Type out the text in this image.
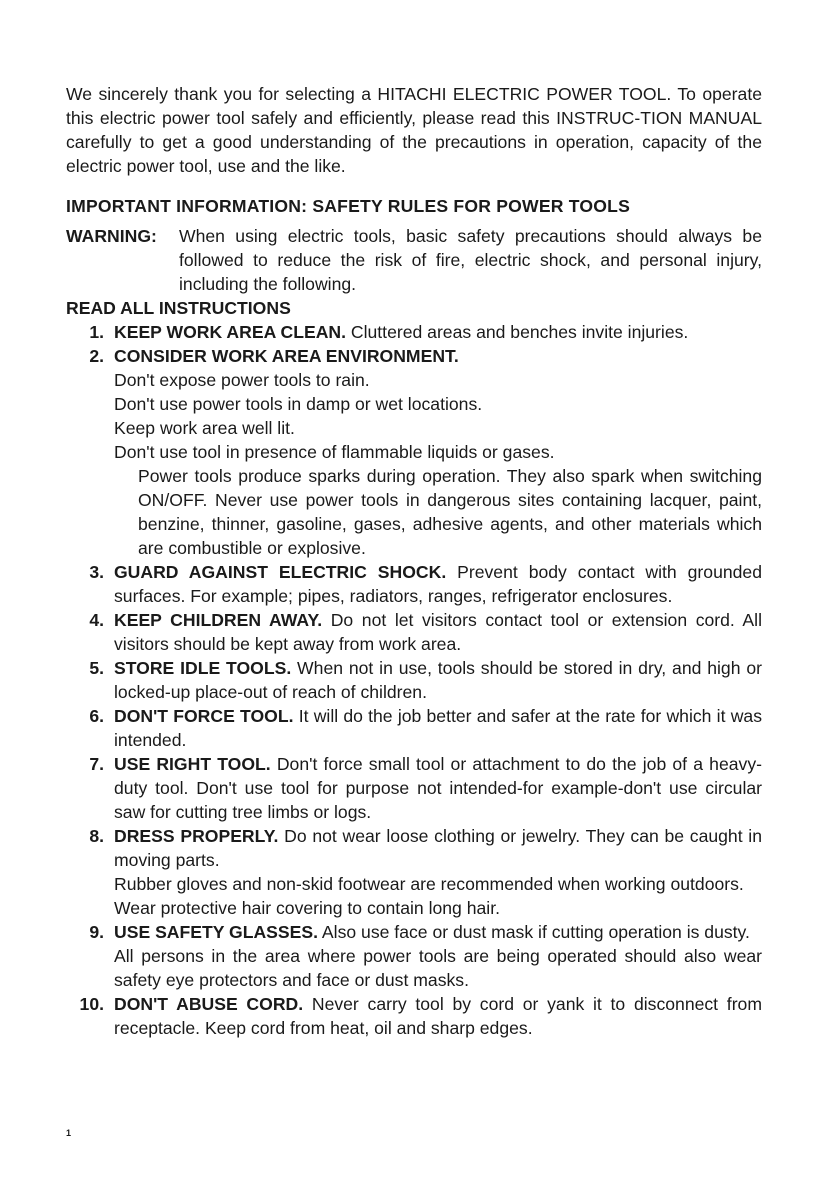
We sincerely thank you for selecting a HITACHI ELECTRIC POWER TOOL. To operate this electric power tool safely and efficiently, please read this INSTRUC-TION MANUAL carefully to get a good understanding of the precautions in operation, capacity of the electric power tool, use and the like.

IMPORTANT INFORMATION: SAFETY RULES FOR POWER TOOLS

WARNING:	When using electric tools, basic safety precautions should always be followed to reduce the risk of fire, electric shock, and personal injury, including the following.

READ ALL INSTRUCTIONS

1. KEEP WORK AREA CLEAN. Cluttered areas and benches invite injuries.

2. CONSIDER WORK AREA ENVIRONMENT.

Don't expose power tools to rain.

Don't use power tools in damp or wet locations.

Keep work area well lit.

Don't use tool in presence of flammable liquids or gases.

Power tools produce sparks during operation. They also spark when switching ON/OFF. Never use power tools in dangerous sites containing lacquer, paint, benzine, thinner, gasoline, gases, adhesive agents, and other materials which are combustible or explosive.

3. GUARD AGAINST ELECTRIC SHOCK. Prevent body contact with grounded surfaces. For example; pipes, radiators, ranges, refrigerator enclosures.

4. KEEP CHILDREN AWAY. Do not let visitors contact tool or extension cord. All visitors should be kept away from work area.

5. STORE IDLE TOOLS. When not in use, tools should be stored in dry, and high or locked-up place-out of reach of children.

6. DON'T FORCE TOOL. It will do the job better and safer at the rate for which it was intended.

7. USE RIGHT TOOL. Don't force small tool or attachment to do the job of a heavy-duty tool. Don't use tool for purpose not intended-for example-don't use circular saw for cutting tree limbs or logs.

8. DRESS PROPERLY. Do not wear loose clothing or jewelry. They can be caught in moving parts.

Rubber gloves and non-skid footwear are recommended when working outdoors.

Wear protective hair covering to contain long hair.

9. USE SAFETY GLASSES. Also use face or dust mask if cutting operation is dusty.

All persons in the area where power tools are being operated should also wear safety eye protectors and face or dust masks.

10. DON'T ABUSE CORD. Never carry tool by cord or yank it to disconnect from receptacle. Keep cord from heat, oil and sharp edges.

1
